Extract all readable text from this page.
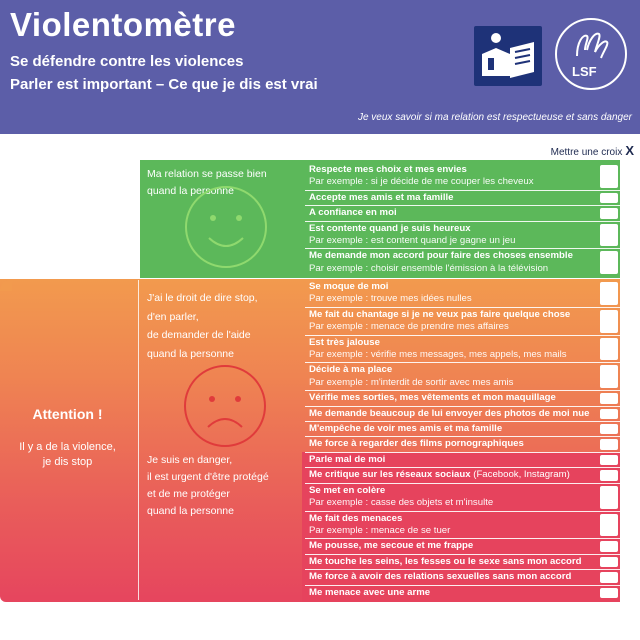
Violentomètre
Se défendre contre les violences
Parler est important – Ce que je dis est vrai
Je veux savoir si ma relation est respectueuse et sans danger
LSF
Mettre une croix X
Ma relation se passe bien
quand la personne
Respecte mes choix et mes envies
Par exemple : si je décide de me couper les cheveux
Accepte mes amis et ma famille
A confiance en moi
Est contente quand je suis heureux
Par exemple : est content quand je gagne un jeu
Me demande mon accord pour faire des choses ensemble
Par exemple : choisir ensemble l'émission à la télévision
Attention !
Il y a de la violence,
je dis stop
J'ai le droit de dire stop,
d'en parler,
de demander de l'aide
quand la personne
Je suis en danger,
il est urgent d'être protégé
et de me protéger
quand la personne
Se moque de moi
Par exemple : trouve mes idées nulles
Me fait du chantage si je ne veux pas faire quelque chose
Par exemple : menace de prendre mes affaires
Est très jalouse
Par exemple : vérifie mes messages, mes appels, mes mails
Décide à ma place
Par exemple : m'interdit de sortir avec mes amis
Vérifie mes sorties, mes vêtements et mon maquillage
Me demande beaucoup de lui envoyer des photos de moi nue
M'empêche de voir mes amis et ma famille
Me force à regarder des films pornographiques
Parle mal de moi
Me critique sur les réseaux sociaux (Facebook, Instagram)
Se met en colère
Par exemple : casse des objets et m'insulte
Me fait des menaces
Par exemple : menace de se tuer
Me pousse, me secoue et me frappe
Me touche les seins, les fesses ou le sexe sans mon accord
Me force à avoir des relations sexuelles sans mon accord
Me menace avec une arme
